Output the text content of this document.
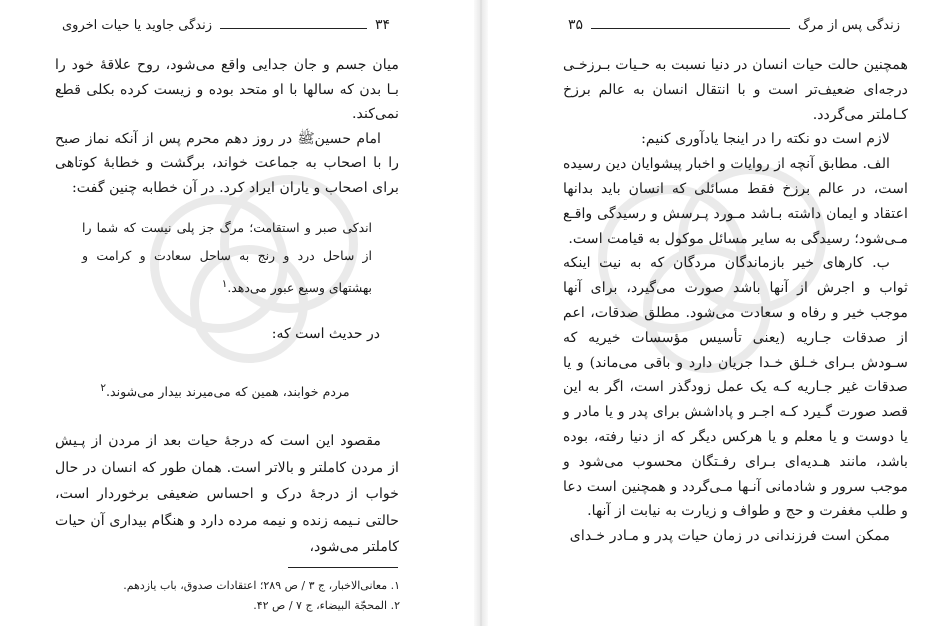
۳۴
زندگی جاوید یا حیات اخروی

میان جسم و جان جدایی واقع می‌شود، روح علاقهٔ خود را بـا بدن که سالها با او متحد بوده و زیست کرده بکلی قطع نمی‌کند.

امام حسینﷺ در روز دهم محرم پس از آنکه نماز صبح را با اصحاب به جماعت خواند، برگشت و خطابهٔ کوتاهی برای اصحاب و یاران ایراد کرد. در آن خطابه چنین گفت:

اندکی صبر و استقامت؛ مرگ جز پلی نیست که شما را از ساحل درد و رنج به ساحل سعادت و کرامت و بهشتهای وسیع عبور می‌دهد.$^۱$
در حدیث است که:
مردم خوابند، همین که می‌میرند بیدار می‌شوند.$^۲$

مقصود این است که درجهٔ حیات بعد از مردن از پـیش از مردن کاملتر و بالاتر است. همان طور که انسان در حال خواب از درجهٔ درک و احساس ضعیفی برخوردار است، حالتی نـیمه زنده و نیمه مرده دارد و هنگام بیداری آن حیات کاملتر می‌شود،

۱. معانی‌الاخبار، ج ۳ / ص ۲۸۹؛ اعتقادات صدوق، باب یازدهم.
۲. المحجّة البیضاء، ج ۷ / ص ۴۲.
زندگی پس از مرگ
۳۵

همچنین حالت حیات انسان در دنیا نسبت به حـیات بـرزخـی درجه‌ای ضعیف‌تر است و با انتقال انسان به عالم برزخ کـاملتر می‌گردد.

لازم است دو نکته را در اینجا یادآوری کنیم:

الف. مطابق آنچه از روایات و اخبار پیشوایان دین رسیده است، در عالم برزخ فقط مسائلی که انسان باید بدانها اعتقاد و ایمان داشته بـاشد مـورد پـرسش و رسیدگی واقـع مـی‌شود؛ رسیدگی به سایر مسائل موکول به قیامت است.

ب. کارهای خیر بازماندگان مردگان که به نیت اینکه ثواب و اجرش از آنها باشد صورت می‌گیرد، برای آنها موجب خیر و رفاه و سعادت می‌شود. مطلق صدقات، اعم از صدقات جـاریه (یعنی تأسیس مؤسسات خیریه که سـودش بـرای خـلق خـدا جریان دارد و باقی می‌ماند) و یا صدقات غیر جـاریه کـه یک عمل زودگذر است، اگر به این قصد صورت گـیرد کـه اجـر و پاداشش برای پدر و یا مادر و یا دوست و یا معلم و یا هرکس دیگر که از دنیا رفته، بوده باشد، مانند هـدیه‌ای بـرای رفـتگان محسوب می‌شود و موجب سرور و شادمانی آنـها مـی‌گردد و همچنین است دعا و طلب مغفرت و حج و طواف و زیارت به نیابت از آنها.

ممکن است فرزندانی در زمان حیات پدر و مـادر خـدای
